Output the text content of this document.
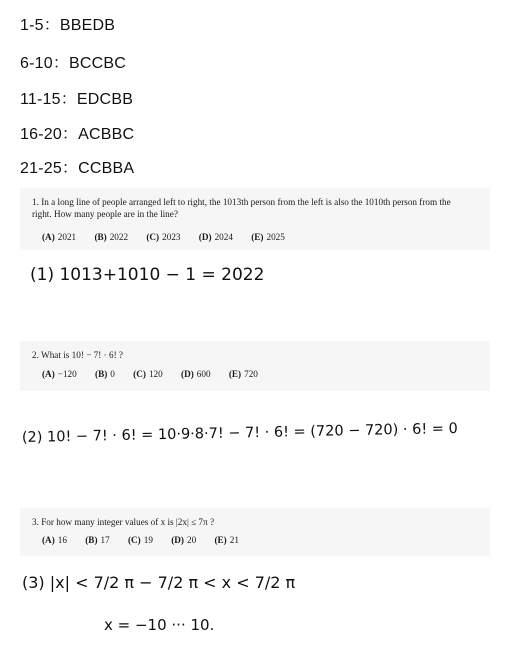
1-5：BBEDB
6-10：BCCBC
11-15：EDCBB
16-20：ACBBC
21-25：CCBBA
1. In a long line of people arranged left to right, the 1013th person from the left is also the 1010th person from the right. How many people are in the line?
(A) 2021 (B) 2022 (C) 2023 (D) 2024 (E) 2025
2. What is 10! − 7! · 6! ?
(A) −120 (B) 0 (C) 120 (D) 600 (E) 720
3. For how many integer values of x is |2x| ≤ 7π ?
(A) 16 (B) 17 (C) 19 (D) 20 (E) 21
(1) 1013+1010 − 1 = 2022
(2) 10! − 7! · 6! = 10·9·8·7! − 7! · 6! = (720 − 720) · 6! = 0
(3) |x| < 7/2 π − 7/2 π < x < 7/2 π
x = −10 ··· 10.
